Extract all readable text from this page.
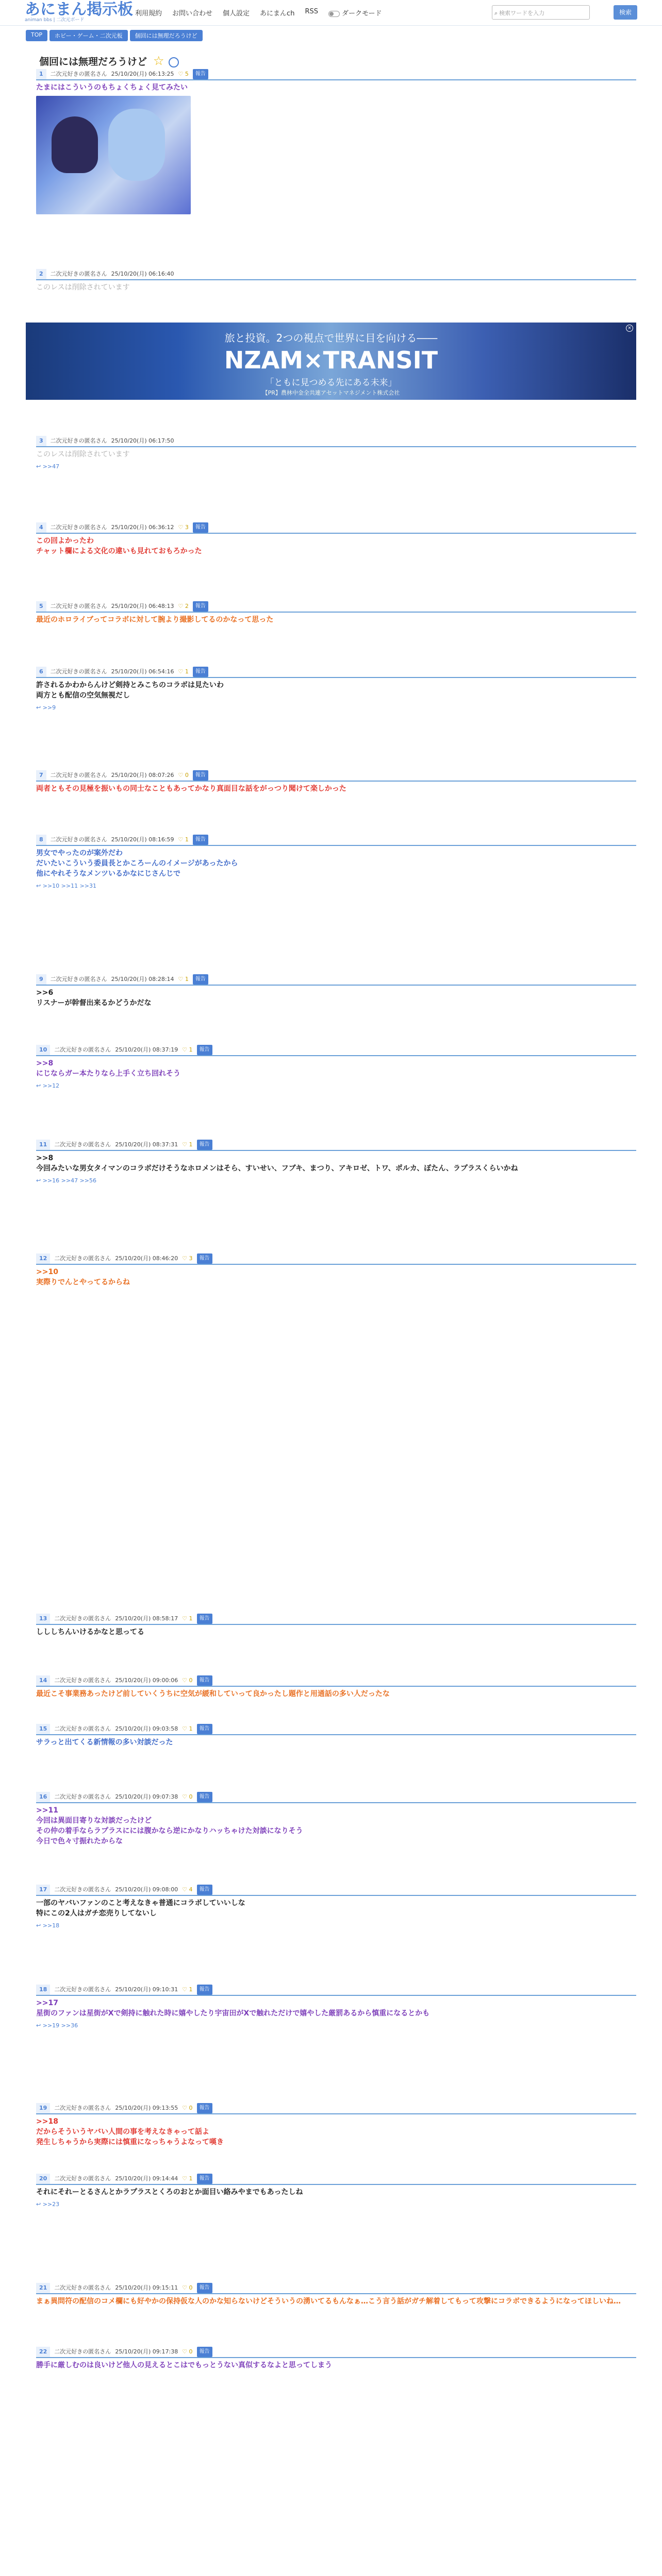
あにまん掲示板
animan bbs | 二次元ボード
利用規約 お問い合わせ 個人設定 あにまんch RSS	ダークモード	⌕ 検索ワードを入力	検索
TOP	ホビー・ゲーム・二次元板	個回には無理だろうけど
個回には無理だろうけど ☆
旅と投資。2つの視点で世界に目を向ける――
NZAM×TRANSIT
「ともに見つめる先にある未来」
【PR】農林中金全共連アセットマネジメント株式会社
×
1	二次元好きの匿名さん 25/10/20(月) 06:13:25 ♡ 5	報告
たまにはこういうのもちょくちょく見てみたい
2	二次元好きの匿名さん 25/10/20(月) 06:16:40
このレスは削除されています
3	二次元好きの匿名さん 25/10/20(月) 06:17:50
このレスは削除されています
↩ >>47
4	二次元好きの匿名さん 25/10/20(月) 06:36:12 ♡ 3	報告
この回よかったわ
チャット欄による文化の違いも見れておもろかった
5	二次元好きの匿名さん 25/10/20(月) 06:48:13 ♡ 2	報告
最近のホロライブってコラボに対して腕より撮影してるのかなって思った
6	二次元好きの匿名さん 25/10/20(月) 06:54:16 ♡ 1	報告
許されるかわからんけど剣持とみこちのコラボは見たいわ
両方とも配信の空気無視だし
↩ >>9
7	二次元好きの匿名さん 25/10/20(月) 08:07:26 ♡ 0	報告
両者ともその見極を振いもの同士なこともあってかなり真面目な話をがっつり聞けて楽しかった
8	二次元好きの匿名さん 25/10/20(月) 08:16:59 ♡ 1	報告
男女でやったのが案外だわ
だいたいこういう委員長とかころーんのイメージがあったから
他にやれそうなメンツいるかなにじさんじで
↩ >>10 >>11 >>31
9	二次元好きの匿名さん 25/10/20(月) 08:28:14 ♡ 1	報告
>>6
リスナーが幹督出来るかどうかだな
10	二次元好きの匿名さん 25/10/20(月) 08:37:19 ♡ 1	報告
>>8
にじならガー本たりなら上手く立ち回れそう
↩ >>12
11	二次元好きの匿名さん 25/10/20(月) 08:37:31 ♡ 1	報告
>>8
今回みたいな男女タイマンのコラボだけそうなホロメンはそら、すいせい、フブキ、まつり、アキロゼ、トワ、ポルカ、ぼたん、ラプラスくらいかね
↩ >>16 >>47 >>56
12	二次元好きの匿名さん 25/10/20(月) 08:46:20 ♡ 3	報告
>>10
実際りでんとやってるからね
13	二次元好きの匿名さん 25/10/20(月) 08:58:17 ♡ 1	報告
しししちんいけるかなと思ってる
14	二次元好きの匿名さん 25/10/20(月) 09:00:06 ♡ 0	報告
最近こそ事業務あったけど前していくうちに空気が緩和していって良かったし題作と用通話の多い人だったな
15	二次元好きの匿名さん 25/10/20(月) 09:03:58 ♡ 1	報告
サラっと出てくる新情報の多い対談だった
16	二次元好きの匿名さん 25/10/20(月) 09:07:38 ♡ 0	報告
>>11
今回は異面目寄りな対談だったけど
その仲の着手ならラプラスにには腹かなら逆にかなりハッちゃけた対談になりそう
今日で色々寸振れたからな
17	二次元好きの匿名さん 25/10/20(月) 09:08:00 ♡ 4	報告
一部のヤバいファンのこと考えなきゃ普通にコラボしていいしな
特にこの2人はガチ恋売りしてないし
↩ >>18
18	二次元好きの匿名さん 25/10/20(月) 09:10:31 ♡ 1	報告
>>17
星街のファンは星街がXで剣持に触れた時に嬉やしたり宇宙田がXで触れただけで嬉やした厳罰あるから慎重になるとかも
↩ >>19 >>36
19	二次元好きの匿名さん 25/10/20(月) 09:13:55 ♡ 0	報告
>>18
だからそういうヤバい人間の事を考えなきゃって話よ
発生しちゃうから実際には慎重になっちゃうよなって嘆き
20	二次元好きの匿名さん 25/10/20(月) 09:14:44 ♡ 1	報告
それにそれーとるさんとかラプラスとくろのおとか面目い絡みやまでもあったしね
↩ >>23
21	二次元好きの匿名さん 25/10/20(月) 09:15:11 ♡ 0	報告
まぁ異問符の配信のコメ欄にも好やかの保持仮な人のかな知らないけどそういうの湧いてるもんなぁ…こう言う話がガチ解着してもって攻撃にコラボできるようになってほしいね…
22	二次元好きの匿名さん 25/10/20(月) 09:17:38 ♡ 0	報告
勝手に厳しむのは良いけど他人の見えるとこはでもっとうない真似するなよと思ってしまう
